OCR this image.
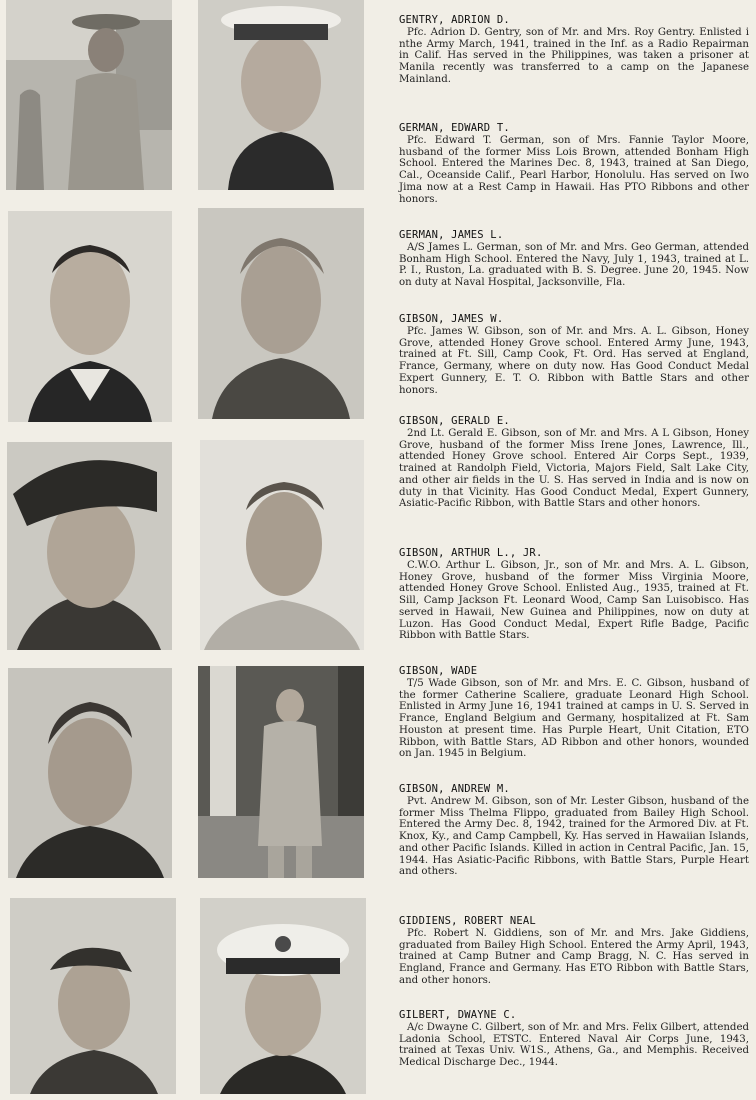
GENTRY, ADRION D.
Pfc. Adrion D. Gentry, son of Mr. and Mrs. Roy Gentry. Enlisted i nthe Army March, 1941, trained in the Inf. as a Radio Repairman in Calif. Has served in the Philippines, was taken a prisoner at Manila recently was transferred to a camp on the Japanese Mainland.
GERMAN, EDWARD T.
Pfc. Edward T. German, son of Mrs. Fannie Taylor Moore, husband of the former Miss Lois Brown, attended Bonham High School. Entered the Marines Dec. 8, 1943, trained at San Diego, Cal., Oceanside Calif., Pearl Harbor, Honolulu. Has served on Iwo Jima now at a Rest Camp in Hawaii. Has PTO Ribbons and other honors.
GERMAN, JAMES L.
A/S James L. German, son of Mr. and Mrs. Geo German, attended Bonham High School. Entered the Navy, July 1, 1943, trained at L. P. I., Ruston, La. graduated with B. S. Degree. June 20, 1945. Now on duty at Naval Hospital, Jacksonville, Fla.
GIBSON, JAMES W.
Pfc. James W. Gibson, son of Mr. and Mrs. A. L. Gibson, Honey Grove, attended Honey Grove school. Entered Army June, 1943, trained at Ft. Sill, Camp Cook, Ft. Ord. Has served at England, France, Germany, where on duty now. Has Good Conduct Medal Expert Gunnery, E. T. O. Ribbon with Battle Stars and other honors.
GIBSON, GERALD E.
2nd Lt. Gerald E. Gibson, son of Mr. and Mrs. A L Gibson, Honey Grove, husband of the former Miss Irene Jones, Lawrence, Ill., attended Honey Grove school. Entered Air Corps Sept., 1939, trained at Randolph Field, Victoria, Majors Field, Salt Lake City, and other air fields in the U. S. Has served in India and is now on duty in that Vicinity. Has Good Conduct Medal, Expert Gunnery, Asiatic-Pacific Ribbon, with Battle Stars and other honors.
GIBSON, ARTHUR L., JR.
C.W.O. Arthur L. Gibson, Jr., son of Mr. and Mrs. A. L. Gibson, Honey Grove, husband of the former Miss Virginia Moore, attended Honey Grove School. Enlisted Aug., 1935, trained at Ft. Sill, Camp Jackson Ft. Leonard Wood, Camp San Luisobisco. Has served in Hawaii, New Guinea and Philippines, now on duty at Luzon. Has Good Conduct Medal, Expert Rifle Badge, Pacific Ribbon with Battle Stars.
GIBSON, WADE
T/5 Wade Gibson, son of Mr. and Mrs. E. C. Gibson, husband of the former Catherine Scaliere, graduate Leonard High School. Enlisted in Army June 16, 1941 trained at camps in U. S. Served in France, England Belgium and Germany, hospitalized at Ft. Sam Houston at present time. Has Purple Heart, Unit Citation, ETO Ribbon, with Battle Stars, AD Ribbon and other honors, wounded on Jan. 1945 in Belgium.
GIBSON, ANDREW M.
Pvt. Andrew M. Gibson, son of Mr. Lester Gibson, husband of the former Miss Thelma Flippo, graduated from Bailey High School. Entered the Army Dec. 8, 1942, trained for the Armored Div. at Ft. Knox, Ky., and Camp Campbell, Ky. Has served in Hawaiian Islands, and other Pacific Islands. Killed in action in Central Pacific, Jan. 15, 1944. Has Asiatic-Pacific Ribbons, with Battle Stars, Purple Heart and others.
GIDDIENS, ROBERT NEAL
Pfc. Robert N. Giddiens, son of Mr. and Mrs. Jake Giddiens, graduated from Bailey High School. Entered the Army April, 1943, trained at Camp Butner and Camp Bragg, N. C. Has served in England, France and Germany. Has ETO Ribbon with Battle Stars, and other honors.
GILBERT, DWAYNE C.
A/c Dwayne C. Gilbert, son of Mr. and Mrs. Felix Gilbert, attended Ladonia School, ETSTC. Entered Naval Air Corps June, 1943, trained at Texas Univ. W1S., Athens, Ga., and Memphis. Received Medical Discharge Dec., 1944.
